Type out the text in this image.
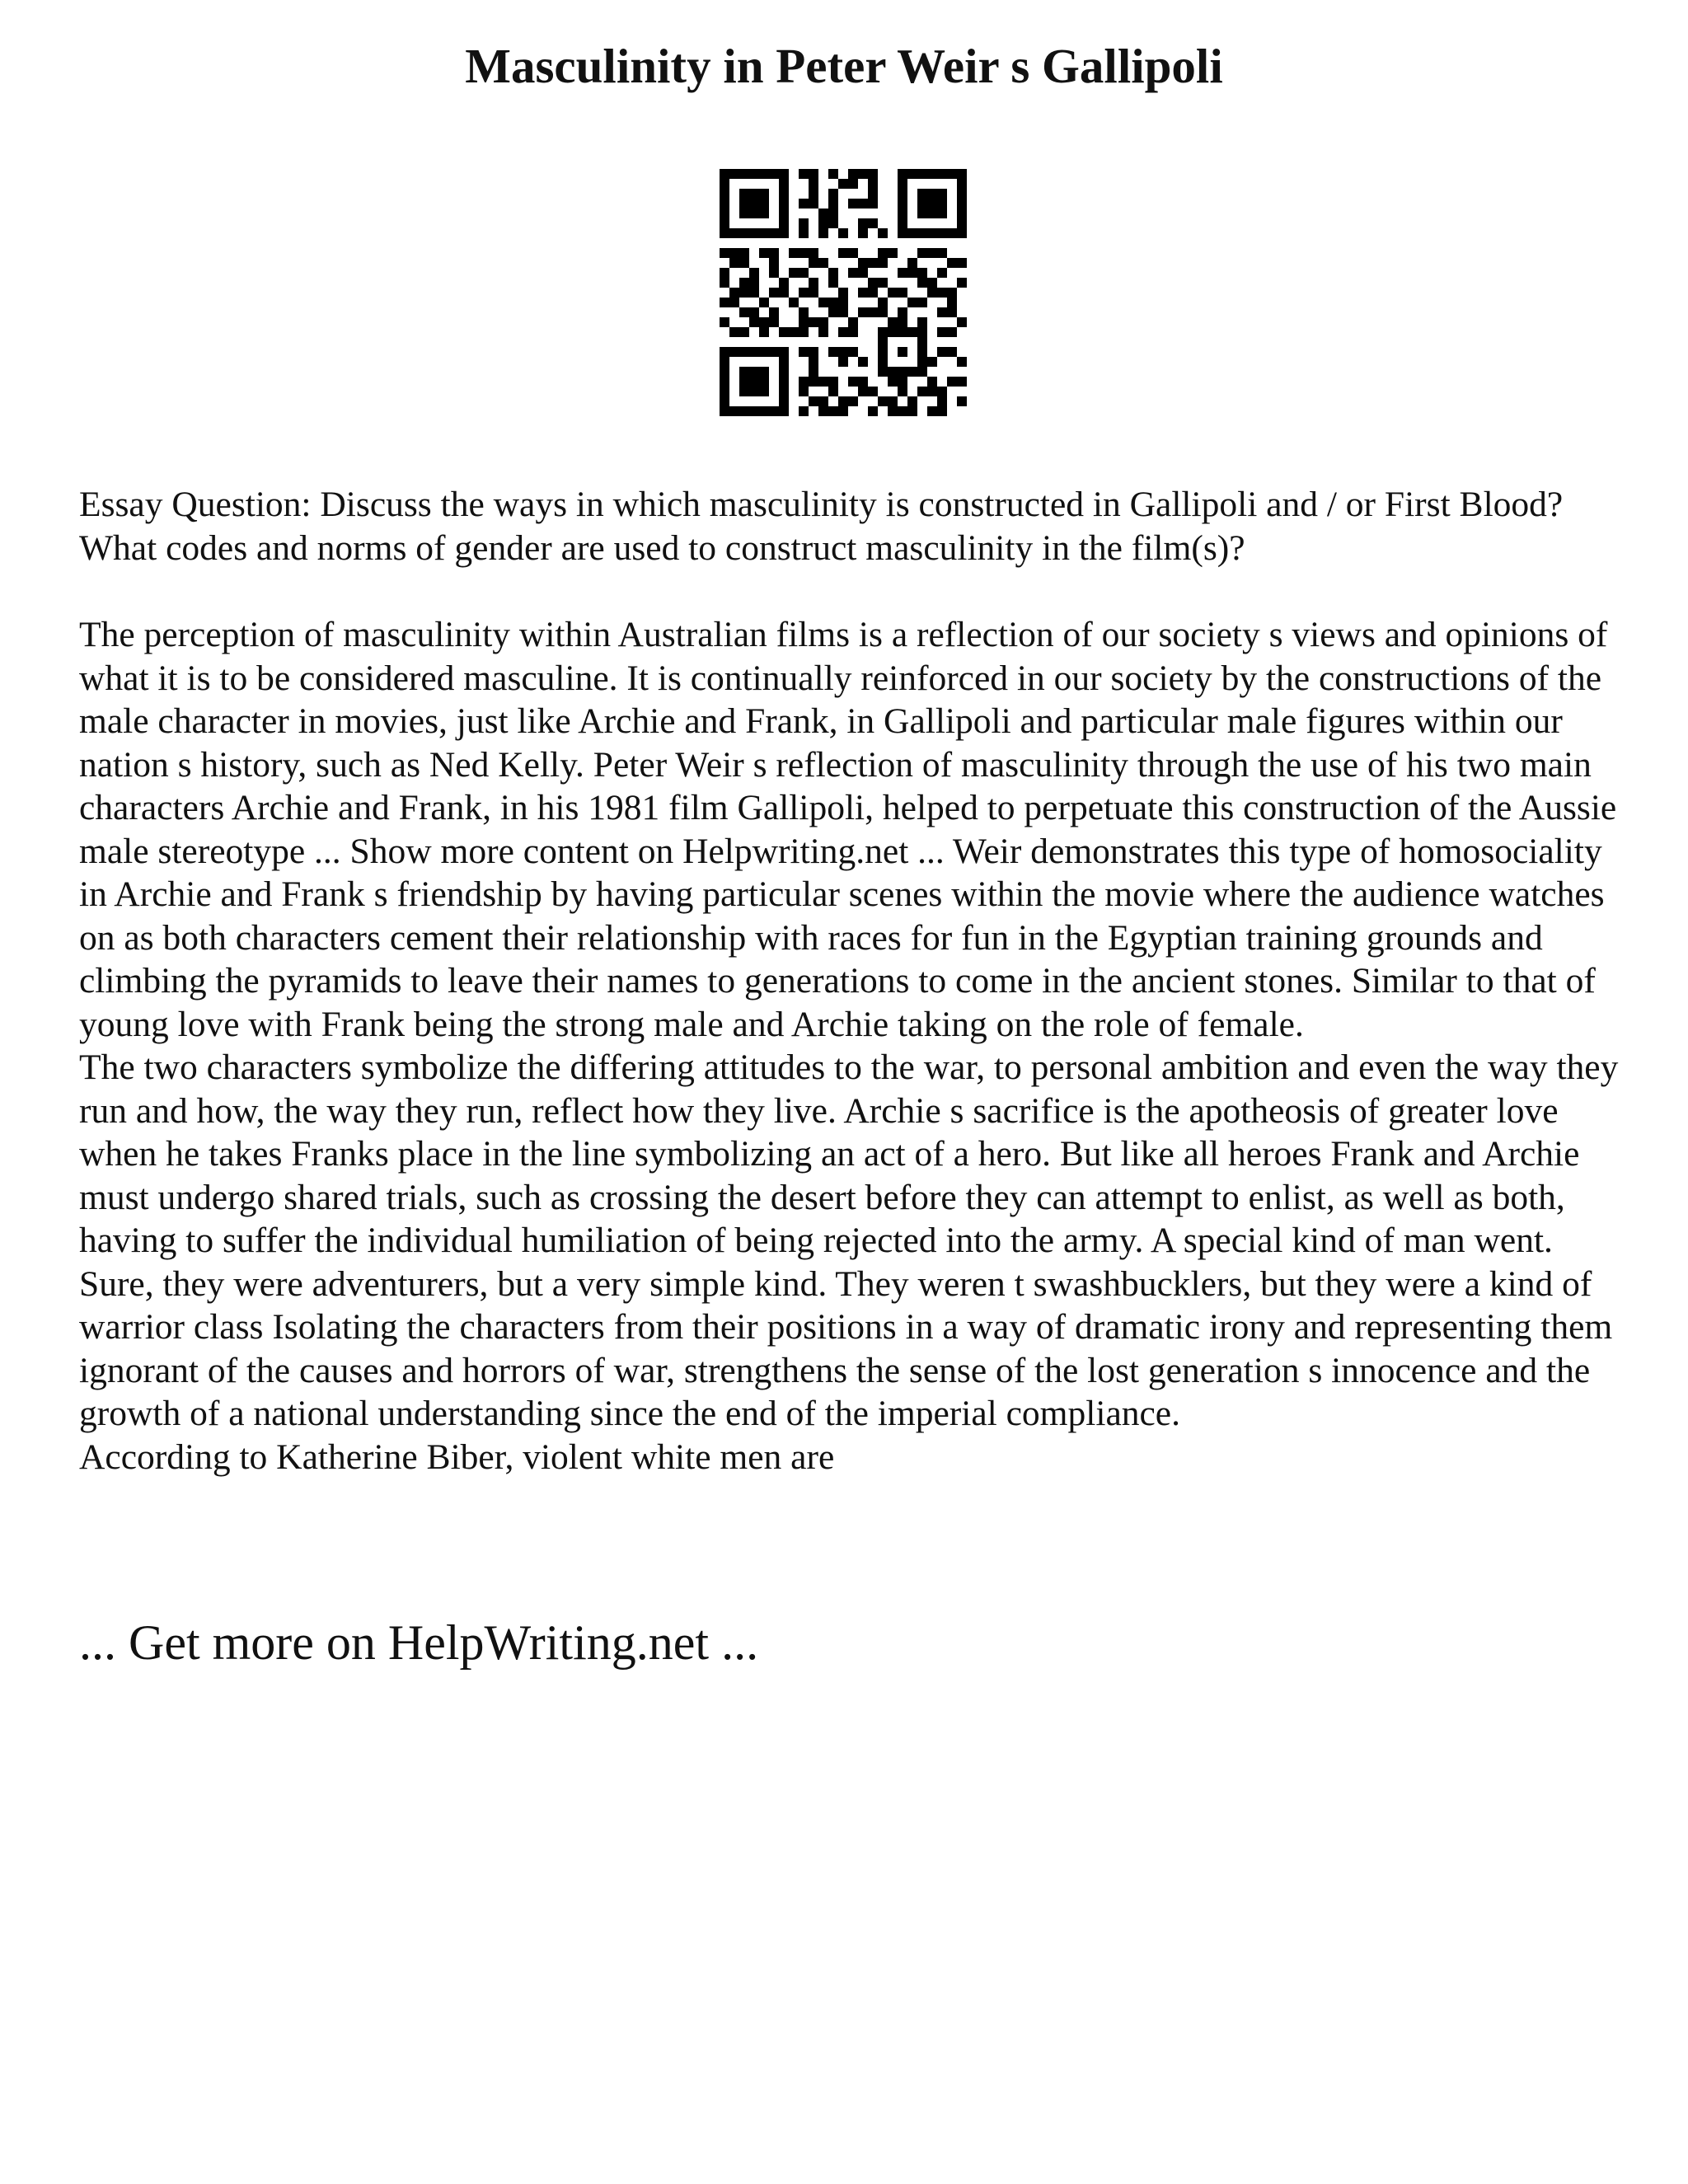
Masculinity in Peter Weir s Gallipoli

Essay Question: Discuss the ways in which masculinity is constructed in Gallipoli and / or First Blood? What codes and norms of gender are used to construct masculinity in the film(s)?

The perception of masculinity within Australian films is a reflection of our society s views and opinions of what it is to be considered masculine. It is continually reinforced in our society by the constructions of the male character in movies, just like Archie and Frank, in Gallipoli and particular male figures within our nation s history, such as Ned Kelly. Peter Weir s reflection of masculinity through the use of his two main characters Archie and Frank, in his 1981 film Gallipoli, helped to perpetuate this construction of the Aussie male stereotype ... Show more content on Helpwriting.net ... Weir demonstrates this type of homosociality in Archie and Frank s friendship by having particular scenes within the movie where the audience watches on as both characters cement their relationship with races for fun in the Egyptian training grounds and climbing the pyramids to leave their names to generations to come in the ancient stones. Similar to that of young love with Frank being the strong male and Archie taking on the role of female.
The two characters symbolize the differing attitudes to the war, to personal ambition and even the way they run and how, the way they run, reflect how they live. Archie s sacrifice is the apotheosis of greater love when he takes Franks place in the line symbolizing an act of a hero. But like all heroes Frank and Archie must undergo shared trials, such as crossing the desert before they can attempt to enlist, as well as both, having to suffer the individual humiliation of being rejected into the army. A special kind of man went. Sure, they were adventurers, but a very simple kind. They weren t swashbucklers, but they were a kind of warrior class Isolating the characters from their positions in a way of dramatic irony and representing them ignorant of the causes and horrors of war, strengthens the sense of the lost generation s innocence and the growth of a national understanding since the end of the imperial compliance.
According to Katherine Biber, violent white men are

... Get more on HelpWriting.net ...
